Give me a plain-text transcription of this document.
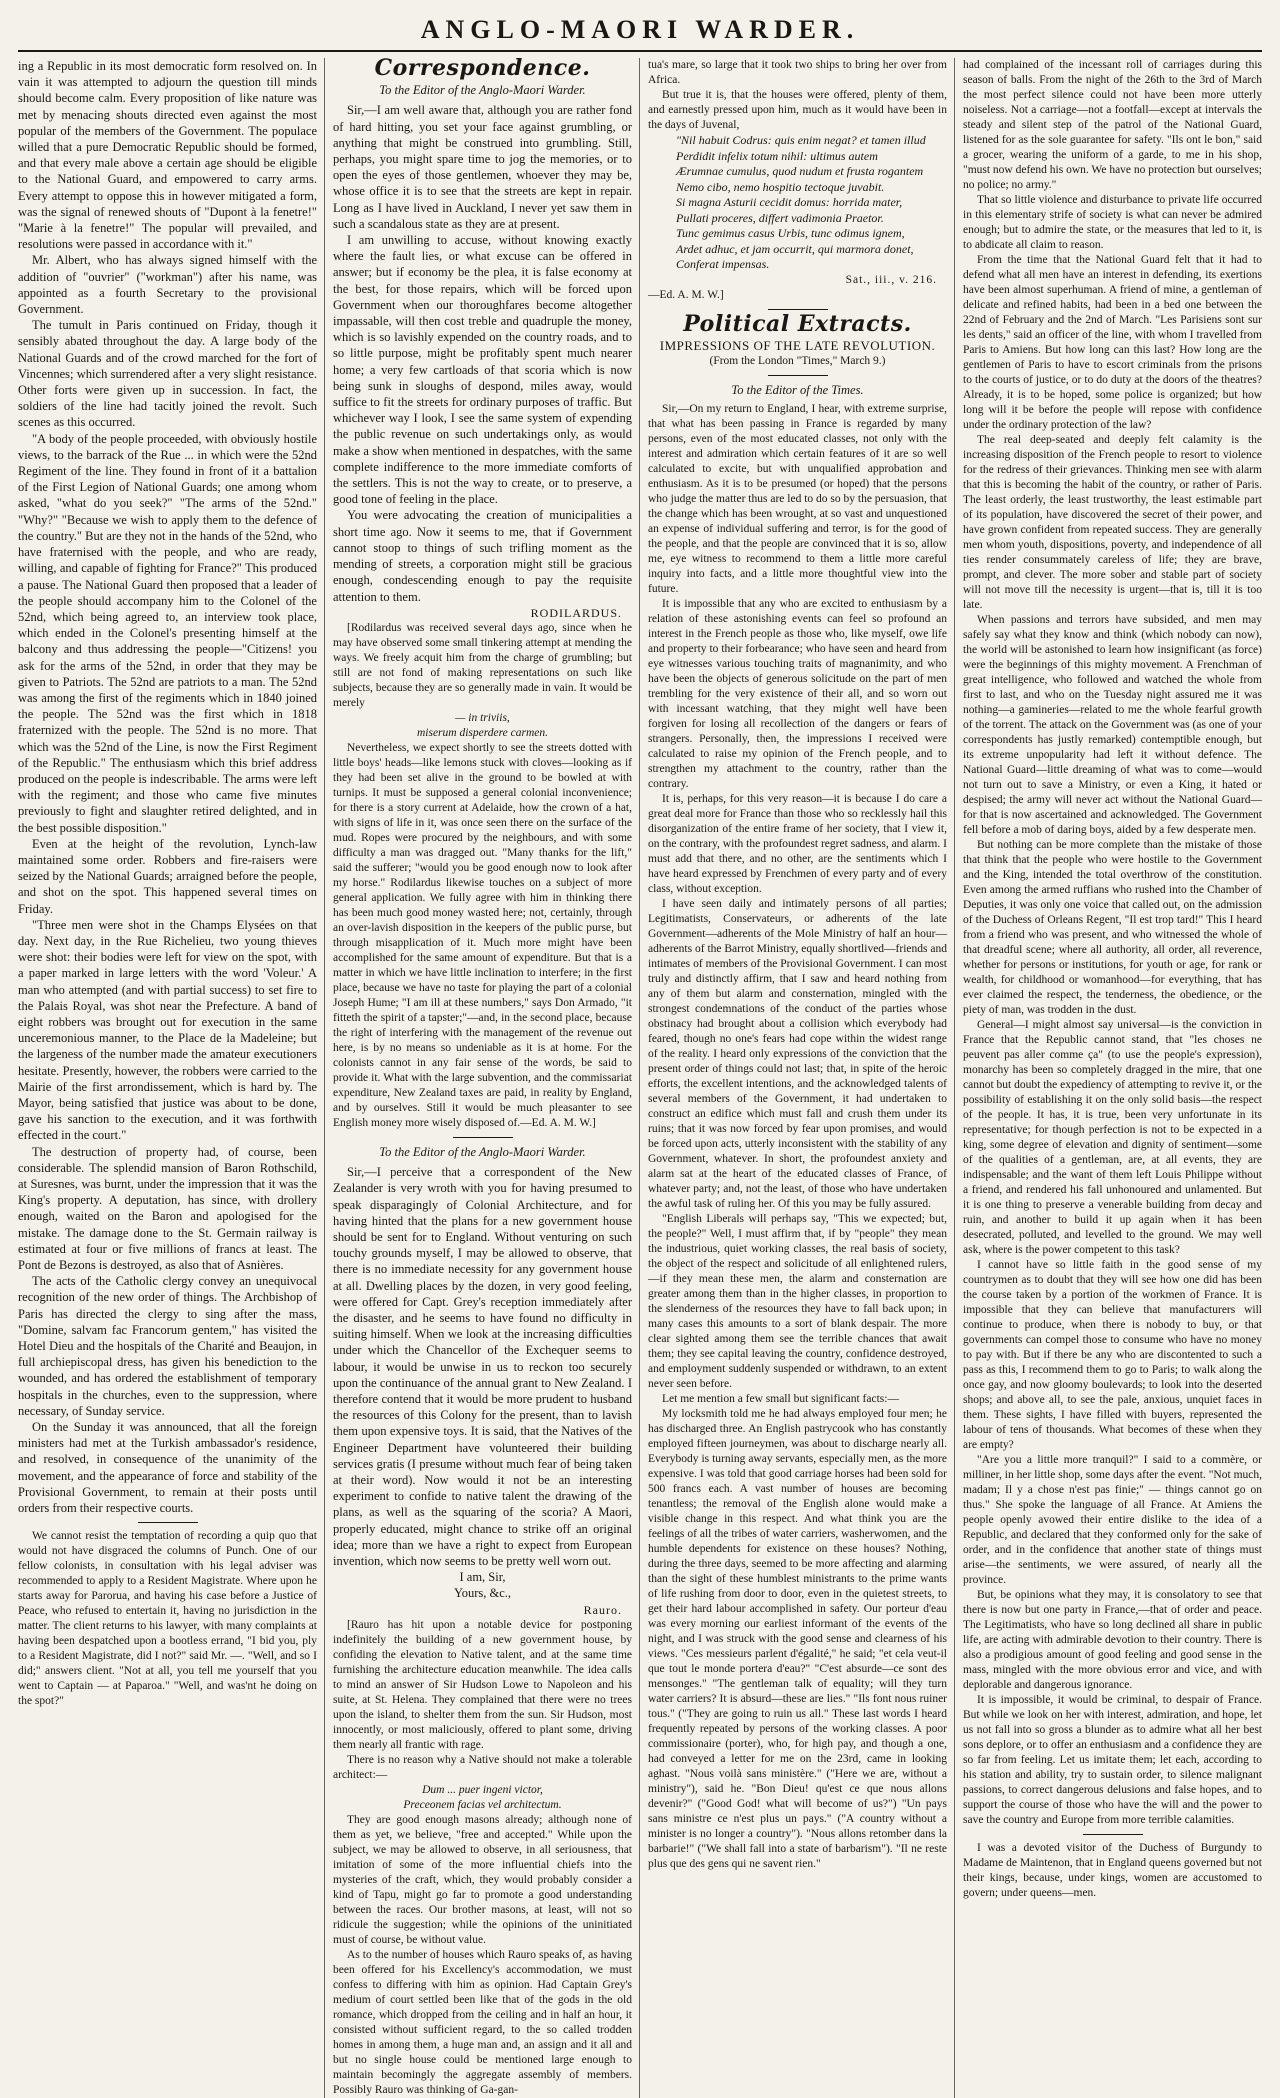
ANGLO-MAORI WARDER.

ing a Republic in its most democratic form resolved on. In vain it was attempted to adjourn the question till minds should become calm. Every proposition of like nature was met by menacing shouts directed even against the most popular of the members of the Government. The populace willed that a pure Democratic Republic should be formed, and that every male above a certain age should be eligible to the National Guard, and empowered to carry arms. Every attempt to oppose this in however mitigated a form, was the signal of renewed shouts of "Dupont à la fenetre!" "Marie à la fenetre!" The popular will prevailed, and resolutions were passed in accordance with it."

Mr. Albert, who has always signed himself with the addition of "ouvrier" ("workman") after his name, was appointed as a fourth Secretary to the provisional Government.

The tumult in Paris continued on Friday, though it sensibly abated throughout the day. A large body of the National Guards and of the crowd marched for the fort of Vincennes; which surrendered after a very slight resistance. Other forts were given up in succession. In fact, the soldiers of the line had tacitly joined the revolt. Such scenes as this occurred.

"A body of the people proceeded, with obviously hostile views, to the barrack of the Rue ... in which were the 52nd Regiment of the line. They found in front of it a battalion of the First Legion of National Guards; one among whom asked, "what do you seek?" "The arms of the 52nd." "Why?" "Because we wish to apply them to the defence of the country." But are they not in the hands of the 52nd, who have fraternised with the people, and who are ready, willing, and capable of fighting for France?" This produced a pause. The National Guard then proposed that a leader of the people should accompany him to the Colonel of the 52nd, which being agreed to, an interview took place, which ended in the Colonel's presenting himself at the balcony and thus addressing the people—"Citizens! you ask for the arms of the 52nd, in order that they may be given to Patriots. The 52nd are patriots to a man. The 52nd was among the first of the regiments which in 1840 joined the people. The 52nd was the first which in 1818 fraternized with the people. The 52nd is no more. That which was the 52nd of the Line, is now the First Regiment of the Republic." The enthusiasm which this brief address produced on the people is indescribable. The arms were left with the regiment; and those who came five minutes previously to fight and slaughter retired delighted, and in the best possible disposition."

Even at the height of the revolution, Lynch-law maintained some order. Robbers and fire-raisers were seized by the National Guards; arraigned before the people, and shot on the spot. This happened several times on Friday.

"Three men were shot in the Champs Elysées on that day. Next day, in the Rue Richelieu, two young thieves were shot: their bodies were left for view on the spot, with a paper marked in large letters with the word 'Voleur.' A man who attempted (and with partial success) to set fire to the Palais Royal, was shot near the Prefecture. A band of eight robbers was brought out for execution in the same unceremonious manner, to the Place de la Madeleine; but the largeness of the number made the amateur executioners hesitate. Presently, however, the robbers were carried to the Mairie of the first arrondissement, which is hard by. The Mayor, being satisfied that justice was about to be done, gave his sanction to the execution, and it was forthwith effected in the court."

The destruction of property had, of course, been considerable. The splendid mansion of Baron Rothschild, at Suresnes, was burnt, under the impression that it was the King's property. A deputation, has since, with drollery enough, waited on the Baron and apologised for the mistake. The damage done to the St. Germain railway is estimated at four or five millions of francs at least. The Pont de Bezons is destroyed, as also that of Asnières.

The acts of the Catholic clergy convey an unequivocal recognition of the new order of things. The Archbishop of Paris has directed the clergy to sing after the mass, "Domine, salvam fac Francorum gentem," has visited the Hotel Dieu and the hospitals of the Charité and Beaujon, in full archiepiscopal dress, has given his benediction to the wounded, and has ordered the establishment of temporary hospitals in the churches, even to the suppression, where necessary, of Sunday service.

On the Sunday it was announced, that all the foreign ministers had met at the Turkish ambassador's residence, and resolved, in consequence of the unanimity of the movement, and the appearance of force and stability of the Provisional Government, to remain at their posts until orders from their respective courts.

We cannot resist the temptation of recording a quip quo that would not have disgraced the columns of Punch. One of our fellow colonists, in consultation with his legal adviser was recommended to apply to a Resident Magistrate. Where upon he starts away for Parorua, and having his case before a Justice of Peace, who refused to entertain it, having no jurisdiction in the matter. The client returns to his lawyer, with many complaints at having been despatched upon a bootless errand, "I bid you, ply to a Resident Magistrate, did I not?" said Mr. —. "Well, and so I did;" answers client. "Not at all, you tell me yourself that you went to Captain — at Paparoa." "Well, and was'nt he doing on the spot?"

Correspondence.
To the Editor of the Anglo-Maori Warder.

Sir,—I am well aware that, although you are rather fond of hard hitting, you set your face against grumbling, or anything that might be construed into grumbling. Still, perhaps, you might spare time to jog the memories, or to open the eyes of those gentlemen, whoever they may be, whose office it is to see that the streets are kept in repair. Long as I have lived in Auckland, I never yet saw them in such a scandalous state as they are at present.

I am unwilling to accuse, without knowing exactly where the fault lies, or what excuse can be offered in answer; but if economy be the plea, it is false economy at the best, for those repairs, which will be forced upon Government when our thoroughfares become altogether impassable, will then cost treble and quadruple the money, which is so lavishly expended on the country roads, and to so little purpose, might be profitably spent much nearer home; a very few cartloads of that scoria which is now being sunk in sloughs of despond, miles away, would suffice to fit the streets for ordinary purposes of traffic. But whichever way I look, I see the same system of expending the public revenue on such undertakings only, as would make a show when mentioned in despatches, with the same complete indifference to the more immediate comforts of the settlers. This is not the way to create, or to preserve, a good tone of feeling in the place.

You were advocating the creation of municipalities a short time ago. Now it seems to me, that if Government cannot stoop to things of such trifling moment as the mending of streets, a corporation might still be gracious enough, condescending enough to pay the requisite attention to them.

RODILARDUS.

[Rodilardus was received several days ago, since when he may have observed some small tinkering attempt at mending the ways. We freely acquit him from the charge of grumbling; but still are not fond of making representations on such like subjects, because they are so generally made in vain. It would be merely

— in triviis,
miserum disperdere carmen.

Nevertheless, we expect shortly to see the streets dotted with little boys' heads—like lemons stuck with cloves—looking as if they had been set alive in the ground to be bowled at with turnips. It must be supposed a general colonial inconvenience; for there is a story current at Adelaide, how the crown of a hat, with signs of life in it, was once seen there on the surface of the mud. Ropes were procured by the neighbours, and with some difficulty a man was dragged out. "Many thanks for the lift," said the sufferer; "would you be good enough now to look after my horse." Rodilardus likewise touches on a subject of more general application. We fully agree with him in thinking there has been much good money wasted here; not, certainly, through an over-lavish disposition in the keepers of the public purse, but through misapplication of it. Much more might have been accomplished for the same amount of expenditure. But that is a matter in which we have little inclination to interfere; in the first place, because we have no taste for playing the part of a colonial Joseph Hume; "I am ill at these numbers," says Don Armado, "it fitteth the spirit of a tapster;"—and, in the second place, because the right of interfering with the management of the revenue out here, is by no means so undeniable as it is at home. For the colonists cannot in any fair sense of the words, be said to provide it. What with the large subvention, and the commissariat expenditure, New Zealand taxes are paid, in reality by England, and by ourselves. Still it would be much pleasanter to see English money more wisely disposed of.—Ed. A. M. W.]

To the Editor of the Anglo-Maori Warder.

Sir,—I perceive that a correspondent of the New Zealander is very wroth with you for having presumed to speak disparagingly of Colonial Architecture, and for having hinted that the plans for a new government house should be sent for to England. Without venturing on such touchy grounds myself, I may be allowed to observe, that there is no immediate necessity for any government house at all. Dwelling places by the dozen, in very good feeling, were offered for Capt. Grey's reception immediately after the disaster, and he seems to have found no difficulty in suiting himself. When we look at the increasing difficulties under which the Chancellor of the Exchequer seems to labour, it would be unwise in us to reckon too securely upon the continuance of the annual grant to New Zealand. I therefore contend that it would be more prudent to husband the resources of this Colony for the present, than to lavish them upon expensive toys. It is said, that the Natives of the Engineer Department have volunteered their building services gratis (I presume without much fear of being taken at their word). Now would it not be an interesting experiment to confide to native talent the drawing of the plans, as well as the squaring of the scoria? A Maori, properly educated, might chance to strike off an original idea; more than we have a right to expect from European invention, which now seems to be pretty well worn out.

I am, Sir,
Yours, &c.,
Rauro.

[Rauro has hit upon a notable device for postponing indefinitely the building of a new government house, by confiding the elevation to Native talent, and at the same time furnishing the architecture education meanwhile. The idea calls to mind an answer of Sir Hudson Lowe to Napoleon and his suite, at St. Helena. They complained that there were no trees upon the island, to shelter them from the sun. Sir Hudson, most innocently, or most maliciously, offered to plant some, driving them nearly all frantic with rage.

There is no reason why a Native should not make a tolerable architect:—

Dum ... puer ingeni victor,
Preceonem facias vel architectum.

They are good enough masons already; although none of them as yet, we believe, "free and accepted." While upon the subject, we may be allowed to observe, in all seriousness, that imitation of some of the more influential chiefs into the mysteries of the craft, which, they would probably consider a kind of Tapu, might go far to promote a good understanding between the races. Our brother masons, at least, will not so ridicule the suggestion; while the opinions of the uninitiated must of course, be without value.

As to the number of houses which Rauro speaks of, as having been offered for his Excellency's accommodation, we must confess to differing with him as opinion. Had Captain Grey's medium of court settled been like that of the gods in the old romance, which dropped from the ceiling and in half an hour, it consisted without sufficient regard, to the so called trodden homes in among them, a huge man and, an assign and it all and but no single house could be mentioned large enough to maintain becomingly the aggregate assembly of members. Possibly Rauro was thinking of Ga-gan-

tua's mare, so large that it took two ships to bring her over from Africa.

But true it is, that the houses were offered, plenty of them, and earnestly pressed upon him, much as it would have been in the days of Juvenal,

"Nil habuit Codrus: quis enim negat? et tamen illud

Perdidit infelix totum nihil: ultimus autem

Ærumnae cumulus, quod nudum et frusta rogantem

Nemo cibo, nemo hospitio tectoque juvabit.

Si magna Asturii cecidit domus: horrida mater,

Pullati proceres, differt vadimonia Praetor.

Tunc gemimus casus Urbis, tunc odimus ignem,

Ardet adhuc, et jam occurrit, qui marmora donet,

Conferat impensas.

Sat., iii., v. 216.
—Ed. A. M. W.]
Political Extracts.
IMPRESSIONS OF THE LATE REVOLUTION.
(From the London "Times," March 9.)
To the Editor of the Times.

Sir,—On my return to England, I hear, with extreme surprise, that what has been passing in France is regarded by many persons, even of the most educated classes, not only with the interest and admiration which certain features of it are so well calculated to excite, but with unqualified approbation and enthusiasm. As it is to be presumed (or hoped) that the persons who judge the matter thus are led to do so by the persuasion, that the change which has been wrought, at so vast and unquestioned an expense of individual suffering and terror, is for the good of the people, and that the people are convinced that it is so, allow me, eye witness to recommend to them a little more careful inquiry into facts, and a little more thoughtful view into the future.

It is impossible that any who are excited to enthusiasm by a relation of these astonishing events can feel so profound an interest in the French people as those who, like myself, owe life and property to their forbearance; who have seen and heard from eye witnesses various touching traits of magnanimity, and who have been the objects of generous solicitude on the part of men trembling for the very existence of their all, and so worn out with incessant watching, that they might well have been forgiven for losing all recollection of the dangers or fears of strangers. Personally, then, the impressions I received were calculated to raise my opinion of the French people, and to strengthen my attachment to the country, rather than the contrary.

It is, perhaps, for this very reason—it is because I do care a great deal more for France than those who so recklessly hail this disorganization of the entire frame of her society, that I view it, on the contrary, with the profoundest regret sadness, and alarm. I must add that there, and no other, are the sentiments which I have heard expressed by Frenchmen of every party and of every class, without exception.

I have seen daily and intimately persons of all parties; Legitimatists, Conservateurs, or adherents of the late Government—adherents of the Mole Ministry of half an hour—adherents of the Barrot Ministry, equally shortlived—friends and intimates of members of the Provisional Government. I can most truly and distinctly affirm, that I saw and heard nothing from any of them but alarm and consternation, mingled with the strongest condemnations of the conduct of the parties whose obstinacy had brought about a collision which everybody had feared, though no one's fears had cope within the widest range of the reality. I heard only expressions of the conviction that the present order of things could not last; that, in spite of the heroic efforts, the excellent intentions, and the acknowledged talents of several members of the Government, it had undertaken to construct an edifice which must fall and crush them under its ruins; that it was now forced by fear upon promises, and would be forced upon acts, utterly inconsistent with the stability of any Government, whatever. In short, the profoundest anxiety and alarm sat at the heart of the educated classes of France, of whatever party; and, not the least, of those who have undertaken the awful task of ruling her. Of this you may be fully assured.

"English Liberals will perhaps say, "This we expected; but, the people?" Well, I must affirm that, if by "people" they mean the industrious, quiet working classes, the real basis of society, the object of the respect and solicitude of all enlightened rulers,—if they mean these men, the alarm and consternation are greater among them than in the higher classes, in proportion to the slenderness of the resources they have to fall back upon; in many cases this amounts to a sort of blank despair. The more clear sighted among them see the terrible chances that await them; they see capital leaving the country, confidence destroyed, and employment suddenly suspended or withdrawn, to an extent never seen before.

Let me mention a few small but significant facts:—

My locksmith told me he had always employed four men; he has discharged three. An English pastrycook who has constantly employed fifteen journeymen, was about to discharge nearly all. Everybody is turning away servants, especially men, as the more expensive. I was told that good carriage horses had been sold for 500 francs each. A vast number of houses are becoming tenantless; the removal of the English alone would make a visible change in this respect. And what think you are the feelings of all the tribes of water carriers, washerwomen, and the humble dependents for existence on these houses? Nothing, during the three days, seemed to be more affecting and alarming than the sight of these humblest ministrants to the prime wants of life rushing from door to door, even in the quietest streets, to get their hard labour accomplished in safety. Our porteur d'eau was every morning our earliest informant of the events of the night, and I was struck with the good sense and clearness of his views. "Ces messieurs parlent d'égalité," he said; "et cela veut-il que tout le monde portera d'eau?" "C'est absurde—ce sont des mensonges." "The gentleman talk of equality; will they turn water carriers? It is absurd—these are lies." "Ils font nous ruiner tous." ("They are going to ruin us all." These last words I heard frequently repeated by persons of the working classes. A poor commissionaire (porter), who, for high pay, and though a one, had conveyed a letter for me on the 23rd, came in looking aghast. "Nous voilà sans ministère." ("Here we are, without a ministry"), said he. "Bon Dieu! qu'est ce que nous allons devenir?" ("Good God! what will become of us?") "Un pays sans ministre ce n'est plus un pays." ("A country without a minister is no longer a country"). "Nous allons retomber dans la barbarie!" ("We shall fall into a state of barbarism"). "Il ne reste plus que des gens qui ne savent rien."

had complained of the incessant roll of carriages during this season of balls. From the night of the 26th to the 3rd of March the most perfect silence could not have been more utterly noiseless. Not a carriage—not a footfall—except at intervals the steady and silent step of the patrol of the National Guard, listened for as the sole guarantee for safety. "Ils ont le bon," said a grocer, wearing the uniform of a garde, to me in his shop, "must now defend his own. We have no protection but ourselves; no police; no army."

That so little violence and disturbance to private life occurred in this elementary strife of society is what can never be admired enough; but to admire the state, or the measures that led to it, is to abdicate all claim to reason.

From the time that the National Guard felt that it had to defend what all men have an interest in defending, its exertions have been almost superhuman. A friend of mine, a gentleman of delicate and refined habits, had been in a bed one between the 22nd of February and the 2nd of March. "Les Parisiens sont sur les dents," said an officer of the line, with whom I travelled from Paris to Amiens. But how long can this last? How long are the gentlemen of Paris to have to escort criminals from the prisons to the courts of justice, or to do duty at the doors of the theatres? Already, it is to be hoped, some police is organized; but how long will it be before the people will repose with confidence under the ordinary protection of the law?

The real deep-seated and deeply felt calamity is the increasing disposition of the French people to resort to violence for the redress of their grievances. Thinking men see with alarm that this is becoming the habit of the country, or rather of Paris. The least orderly, the least trustworthy, the least estimable part of its population, have discovered the secret of their power, and have grown confident from repeated success. They are generally men whom youth, dispositions, poverty, and independence of all ties render consummately careless of life; they are brave, prompt, and clever. The more sober and stable part of society will not move till the necessity is urgent—that is, till it is too late.

When passions and terrors have subsided, and men may safely say what they know and think (which nobody can now), the world will be astonished to learn how insignificant (as force) were the beginnings of this mighty movement. A Frenchman of great intelligence, who followed and watched the whole from first to last, and who on the Tuesday night assured me it was nothing—a gamineries—related to me the whole fearful growth of the torrent. The attack on the Government was (as one of your correspondents has justly remarked) contemptible enough, but its extreme unpopularity had left it without defence. The National Guard—little dreaming of what was to come—would not turn out to save a Ministry, or even a King, it hated or despised; the army will never act without the National Guard—for that is now ascertained and acknowledged. The Government fell before a mob of daring boys, aided by a few desperate men.

But nothing can be more complete than the mistake of those that think that the people who were hostile to the Government and the King, intended the total overthrow of the constitution. Even among the armed ruffians who rushed into the Chamber of Deputies, it was only one voice that called out, on the admission of the Duchess of Orleans Regent, "Il est trop tard!" This I heard from a friend who was present, and who witnessed the whole of that dreadful scene; where all authority, all order, all reverence, whether for persons or institutions, for youth or age, for rank or wealth, for childhood or womanhood—for everything, that has ever claimed the respect, the tenderness, the obedience, or the piety of man, was trodden in the dust.

General—I might almost say universal—is the conviction in France that the Republic cannot stand, that "les choses ne peuvent pas aller comme ça" (to use the people's expression), monarchy has been so completely dragged in the mire, that one cannot but doubt the expediency of attempting to revive it, or the possibility of establishing it on the only solid basis—the respect of the people. It has, it is true, been very unfortunate in its representative; for though perfection is not to be expected in a king, some degree of elevation and dignity of sentiment—some of the qualities of a gentleman, are, at all events, they are indispensable; and the want of them left Louis Philippe without a friend, and rendered his fall unhonoured and unlamented. But it is one thing to preserve a venerable building from decay and ruin, and another to build it up again when it has been desecrated, polluted, and levelled to the ground. We may well ask, where is the power competent to this task?

I cannot have so little faith in the good sense of my countrymen as to doubt that they will see how one did has been the course taken by a portion of the workmen of France. It is impossible that they can believe that manufacturers will continue to produce, when there is nobody to buy, or that governments can compel those to consume who have no money to pay with. But if there be any who are discontented to such a pass as this, I recommend them to go to Paris; to walk along the once gay, and now gloomy boulevards; to look into the deserted shops; and above all, to see the pale, anxious, unquiet faces in them. These sights, I have filled with buyers, represented the labour of tens of thousands. What becomes of these when they are empty?

"Are you a little more tranquil?" I said to a commère, or milliner, in her little shop, some days after the event. "Not much, madam; Il y a chose n'est pas finie;" — things cannot go on thus." She spoke the language of all France. At Amiens the people openly avowed their entire dislike to the idea of a Republic, and declared that they conformed only for the sake of order, and in the confidence that another state of things must arise—the sentiments, we were assured, of nearly all the province.

But, be opinions what they may, it is consolatory to see that there is now but one party in France,—that of order and peace. The Legitimatists, who have so long declined all share in public life, are acting with admirable devotion to their country. There is also a prodigious amount of good feeling and good sense in the mass, mingled with the more obvious error and vice, and with deplorable and dangerous ignorance.

It is impossible, it would be criminal, to despair of France. But while we look on her with interest, admiration, and hope, let us not fall into so gross a blunder as to admire what all her best sons deplore, or to offer an enthusiasm and a confidence they are so far from feeling. Let us imitate them; let each, according to his station and ability, try to sustain order, to silence malignant passions, to correct dangerous delusions and false hopes, and to support the course of those who have the will and the power to save the country and Europe from more terrible calamities.

I was a devoted visitor of the Duchess of Burgundy to Madame de Maintenon, that in England queens governed but not their kings, because, under kings, women are accustomed to govern; under queens—men.
